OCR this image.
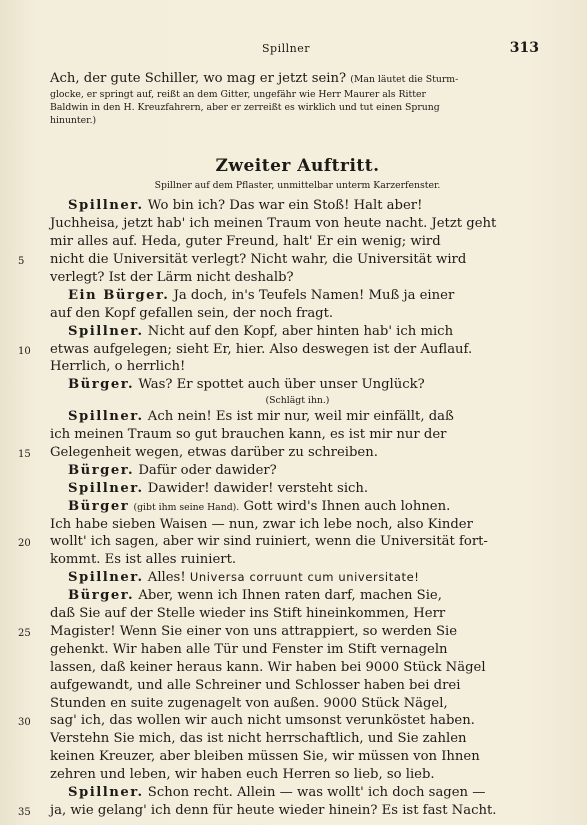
Spillner	313
Ach, der gute Schiller, wo mag er jetzt sein? (Man läutet die Sturm-
glocke, er springt auf, reißt an dem Gitter, ungefähr wie Herr Maurer als Ritter
Baldwin in den H. Kreuzfahrern, aber er zerreißt es wirklich und tut einen Sprung
hinunter.)
Zweiter Auftritt.
Spillner auf dem Pflaster, unmittelbar unterm Karzerfenster.
Spillner. Wo bin ich? Das war ein Stoß! Halt aber!
Juchheisa, jetzt hab' ich meinen Traum von heute nacht. Jetzt geht
mir alles auf. Heda, guter Freund, halt' Er ein wenig; wird
5 nicht die Universität verlegt? Nicht wahr, die Universität wird
verlegt? Ist der Lärm nicht deshalb?
Ein Bürger. Ja doch, in's Teufels Namen! Muß ja einer
auf den Kopf gefallen sein, der noch fragt.
Spillner. Nicht auf den Kopf, aber hinten hab' ich mich
10 etwas aufgelegen; sieht Er, hier. Also deswegen ist der Auflauf.
Herrlich, o herrlich!
Bürger. Was? Er spottet auch über unser Unglück?
(Schlägt ihn.)
Spillner. Ach nein! Es ist mir nur, weil mir einfällt, daß
ich meinen Traum so gut brauchen kann, es ist mir nur der
15 Gelegenheit wegen, etwas darüber zu schreiben.
Bürger. Dafür oder dawider?
Spillner. Dawider! dawider! versteht sich.
Bürger (gibt ihm seine Hand). Gott wird's Ihnen auch lohnen.
Ich habe sieben Waisen — nun, zwar ich lebe noch, also Kinder
20 wollt' ich sagen, aber wir sind ruiniert, wenn die Universität fort-
kommt. Es ist alles ruiniert.
Spillner. Alles! Universa corruunt cum universitate!
Bürger. Aber, wenn ich Ihnen raten darf, machen Sie,
daß Sie auf der Stelle wieder ins Stift hineinkommen, Herr
25 Magister! Wenn Sie einer von uns attrappiert, so werden Sie
gehenkt. Wir haben alle Tür und Fenster im Stift vernageln
lassen, daß keiner heraus kann. Wir haben bei 9000 Stück Nägel
aufgewandt, und alle Schreiner und Schlosser haben bei drei
Stunden en suite zugenagelt von außen. 9000 Stück Nägel,
30 sag' ich, das wollen wir auch nicht umsonst verunköstet haben.
Verstehn Sie mich, das ist nicht herrschaftlich, und Sie zahlen
keinen Kreuzer, aber bleiben müssen Sie, wir müssen von Ihnen
zehren und leben, wir haben euch Herren so lieb, so lieb.
Spillner. Schon recht. Allein — was wollt' ich doch sagen —
35 ja, wie gelang' ich denn für heute wieder hinein? Es ist fast Nacht.
